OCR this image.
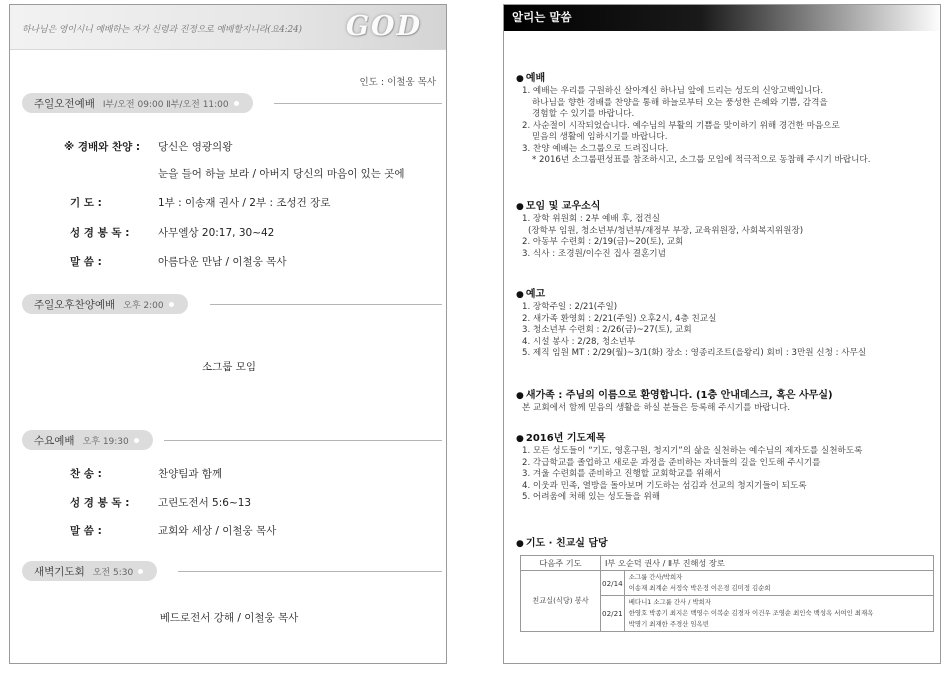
하나님은 영이시니 예배하는 자가 신령과 진정으로 예배할지니라(요4:24) GOD
인도 : 이철웅 목사
주일오전예배 Ⅰ부/오전 09:00 Ⅱ부/오전 11:00
※ 경배와 찬양 : 당신은 영광의왕
눈을 들어 하늘 보라 / 아버지 당신의 마음이 있는 곳에
기 도 :	1부 : 이송재 권사 / 2부 : 조성건 장로
성 경 봉 독 :	사무엘상 20:17, 30~42
말 씀 :	아름다운 만남 / 이철웅 목사
주일오후찬양예배 오후 2:00
소그룹 모임
수요예배 오후 19:30
찬 송 :	찬양팀과 함께
성 경 봉 독 :	고린도전서 5:6~13
말 씀 :	교회와 세상 / 이철웅 목사
새벽기도회 오전 5:30
베드로전서 강해 / 이철웅 목사
알리는 말씀
● 예배
1. 예배는 우리를 구원하신 살아계신 하나님 앞에 드리는 성도의 신앙고백입니다.
하나님을 향한 경배를 찬양을 통해 하늘로부터 오는 풍성한 은혜와 기쁨, 감격을
경험할 수 있기를 바랍니다.
2. 사순절이 시작되었습니다. 예수님의 부활의 기쁨을 맞이하기 위해 경건한 마음으로
믿음의 생활에 임하시기를 바랍니다.
3. 찬양 예배는 소그룹으로 드려집니다.
* 2016년 소그룹편성표를 참조하시고, 소그룹 모임에 적극적으로 동참해 주시기 바랍니다.
● 모임 및 교우소식
1. 장학 위원회 : 2부 예배 후, 접견실
(장학부 임원, 청소년부/청년부/재정부 부장, 교육위원장, 사회복지위원장)
2. 아동부 수련회 : 2/19(금)~20(토), 교회
3. 식사 : 조경원/이수진 집사 결혼기념
● 예고
1. 장학주일 : 2/21(주일)
2. 새가족 환영회 : 2/21(주일) 오후2시, 4층 친교실
3. 청소년부 수련회 : 2/26(금)~27(토), 교회
4. 시설 봉사 : 2/28, 청소년부
5. 제직 임원 MT : 2/29(월)~3/1(화) 장소 : 영종리조트(을왕리) 회비 : 3만원 신청 : 사무실
● 새가족 : 주님의 이름으로 환영합니다. (1층 안내데스크, 혹은 사무실)
본 교회에서 함께 믿음의 생활을 하실 분들은 등록해 주시기를 바랍니다.
● 2016년 기도제목
1. 모든 성도들이 “기도, 영혼구원, 청지기”의 삶을 실천하는 예수님의 제자도를 실천하도록
2. 각급학교를 졸업하고 새로운 과정을 준비하는 자녀들의 길을 인도해 주시기를
3. 겨울 수련회를 준비하고 진행할 교회학교를 위해서
4. 이웃과 민족, 열방을 돌아보며 기도하는 섬김과 선교의 청지기들이 되도록
5. 어려움에 처해 있는 성도들을 위해
● 기도 · 친교실 담당
다음주 기도	Ⅰ부 오순덕 권사 / Ⅱ부 진해성 장로	
친교실(식당) 봉사	02/14	소그룹 간사/박희자
이송재 최계순 서정숙 박은정 이은경 김미정 김순희

	02/21	베다니1 소그룹 간사 / 박희자
한영호 박종기 최지은 백영수 이복순 김경자 이건우 조영순 최인숙 백성옥 서여인 최재옥
박명기 최재한 주경산 임옥빈
